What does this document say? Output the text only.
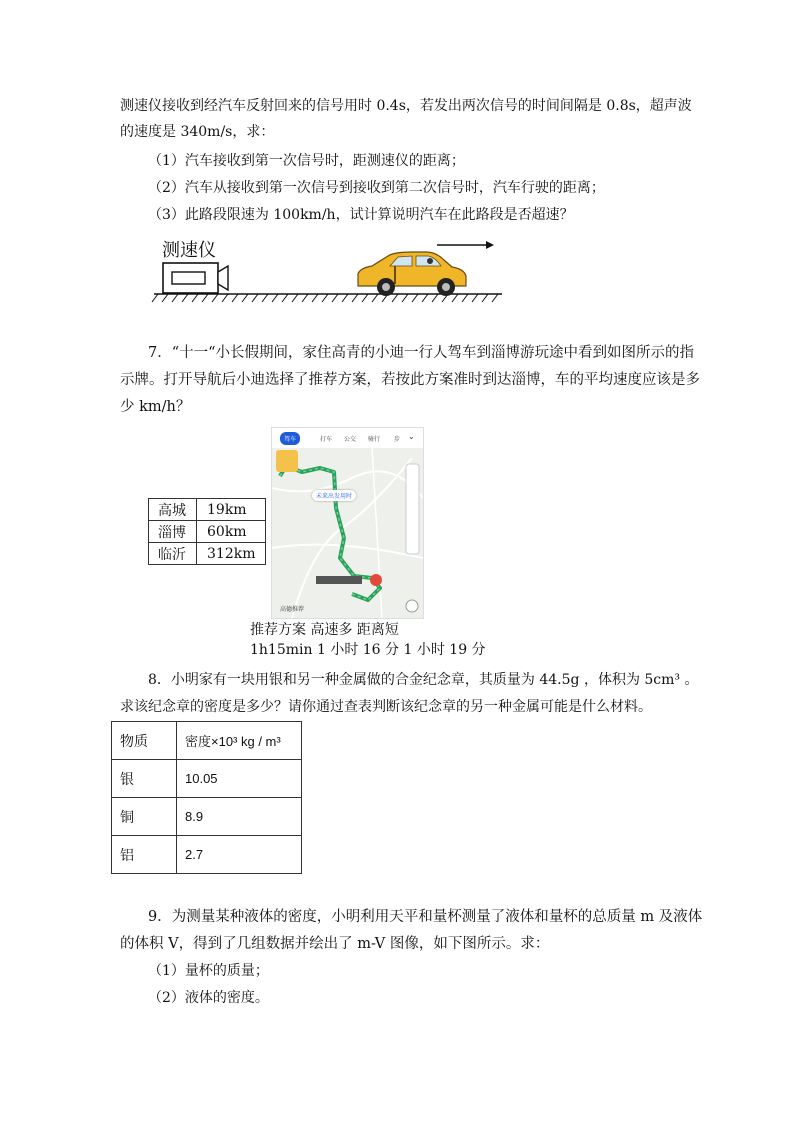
测速仪接收到经汽车反射回来的信号用时 0.4s，若发出两次信号的时间间隔是 0.8s，超声波
的速度是 340m/s，求：
（1）汽车接收到第一次信号时，距测速仪的距离；
（2）汽车从接收到第一次信号到接收到第二次信号时，汽车行驶的距离；
（3）此路段限速为 100km/h，试计算说明汽车在此路段是否超速？
测速仪
7．“十一“小长假期间，家住高青的小迪一行人驾车到淄博游玩途中看到如图所示的指
示牌。打开导航后小迪选择了推荐方案，若按此方案准时到达淄博，车的平均速度应该是多
少 km/h？
高城	19km
淄博	60km
临沂	312km
驾车	打车 公交 骑行 步 ⌄
未来出发用时
高德推荐
推荐方案 高速多 距离短
1h15min 1 小时 16 分 1 小时 19 分
8．小明家有一块用银和另一种金属做的合金纪念章，其质量为 44.5g ，体积为 5cm³ 。
求该纪念章的密度是多少？请你通过查表判断该纪念章的另一种金属可能是什么材料。
物质	密度×10³ kg / m³
银	10.05
铜	8.9
铝	2.7
9．为测量某种液体的密度，小明利用天平和量杯测量了液体和量杯的总质量 m 及液体
的体积 V，得到了几组数据并绘出了 m-V 图像，如下图所示。求：
（1）量杯的质量；
（2）液体的密度。
